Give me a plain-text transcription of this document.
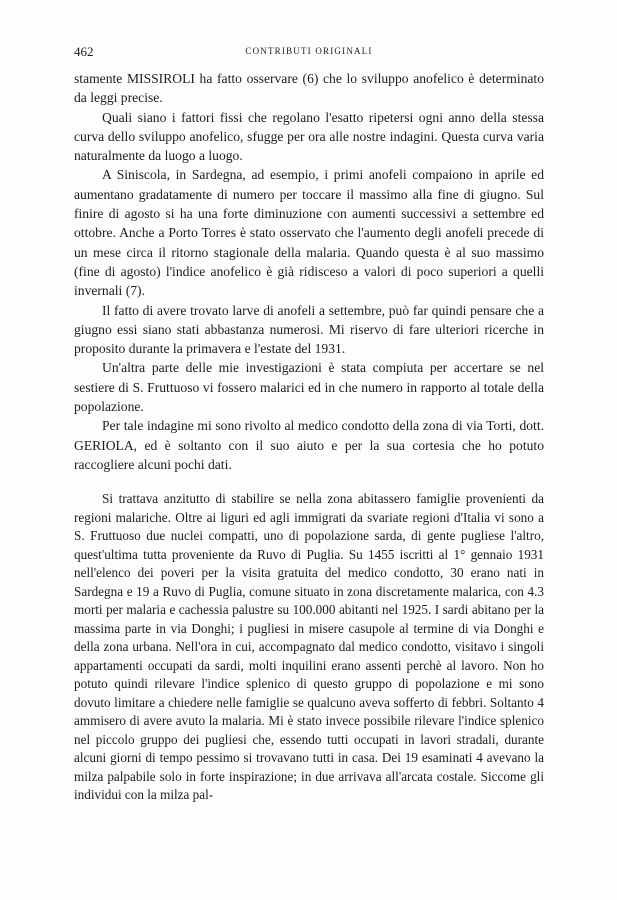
462	CONTRIBUTI ORIGINALI

stamente MISSIROLI ha fatto osservare (6) che lo sviluppo anofelico è determinato da leggi precise.

Quali siano i fattori fissi che regolano l'esatto ripetersi ogni anno della stessa curva dello sviluppo anofelico, sfugge per ora alle nostre indagini. Questa curva varia naturalmente da luogo a luogo.

A Siniscola, in Sardegna, ad esempio, i primi anofeli compaiono in aprile ed aumentano gradatamente di numero per toccare il massimo alla fine di giugno. Sul finire di agosto si ha una forte diminuzione con aumenti successivi a settembre ed ottobre. Anche a Porto Torres è stato osservato che l'aumento degli anofeli precede di un mese circa il ritorno stagionale della malaria. Quando questa è al suo massimo (fine di agosto) l'indice anofelico è già ridisceso a valori di poco superiori a quelli invernali (7).

Il fatto di avere trovato larve di anofeli a settembre, può far quindi pensare che a giugno essi siano stati abbastanza numerosi. Mi riservo di fare ulteriori ricerche in proposito durante la primavera e l'estate del 1931.

Un'altra parte delle mie investigazioni è stata compiuta per accertare se nel sestiere di S. Fruttuoso vi fossero malarici ed in che numero in rapporto al totale della popolazione.

Per tale indagine mi sono rivolto al medico condotto della zona di via Torti, dott. GERIOLA, ed è soltanto con il suo aiuto e per la sua cortesia che ho potuto raccogliere alcuni pochi dati.

Si trattava anzitutto di stabilire se nella zona abitassero famiglie provenienti da regioni malariche. Oltre ai liguri ed agli immigrati da svariate regioni d'Italia vi sono a S. Fruttuoso due nuclei compatti, uno di popolazione sarda, di gente pugliese l'altro, quest'ultima tutta proveniente da Ruvo di Puglia. Su 1455 iscritti al 1° gennaio 1931 nell'elenco dei poveri per la visita gratuita del medico condotto, 30 erano nati in Sardegna e 19 a Ruvo di Puglia, comune situato in zona discretamente malarica, con 4.3 morti per malaria e cachessia palustre su 100.000 abitanti nel 1925. I sardi abitano per la massima parte in via Donghi; i pugliesi in misere casupole al termine di via Donghi e della zona urbana. Nell'ora in cui, accompagnato dal medico condotto, visitavo i singoli appartamenti occupati da sardi, molti inquilini erano assenti perchè al lavoro. Non ho potuto quindi rilevare l'indice splenico di questo gruppo di popolazione e mi sono dovuto limitare a chiedere nelle famiglie se qualcuno aveva sofferto di febbri. Soltanto 4 ammisero di avere avuto la malaria. Mi è stato invece possibile rilevare l'indice splenico nel piccolo gruppo dei pugliesi che, essendo tutti occupati in lavori stradali, durante alcuni giorni di tempo pessimo si trovavano tutti in casa. Dei 19 esaminati 4 avevano la milza palpabile solo in forte inspirazione; in due arrivava all'arcata costale. Siccome gli individui con la milza pal-
